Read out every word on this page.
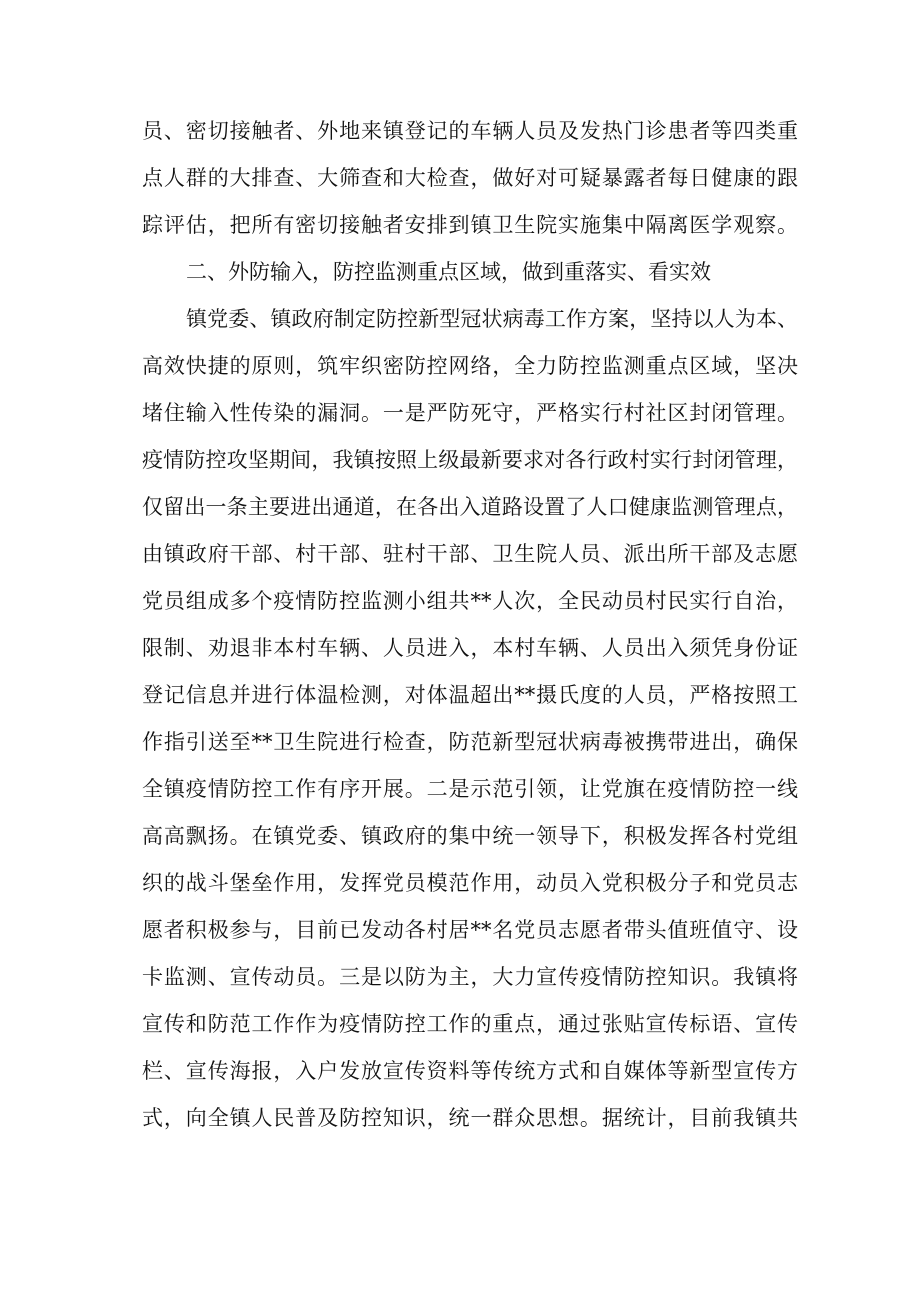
员、密切接触者、外地来镇登记的车辆人员及发热门诊患者等四类重
点人群的大排查、大筛查和大检查，做好对可疑暴露者每日健康的跟
踪评估，把所有密切接触者安排到镇卫生院实施集中隔离医学观察。
二、外防输入，防控监测重点区域，做到重落实、看实效
镇党委、镇政府制定防控新型冠状病毒工作方案，坚持以人为本、
高效快捷的原则，筑牢织密防控网络，全力防控监测重点区域，坚决
堵住输入性传染的漏洞。一是严防死守，严格实行村社区封闭管理。
疫情防控攻坚期间，我镇按照上级最新要求对各行政村实行封闭管理，
仅留出一条主要进出通道，在各出入道路设置了人口健康监测管理点，
由镇政府干部、村干部、驻村干部、卫生院人员、派出所干部及志愿
党员组成多个疫情防控监测小组共**人次，全民动员村民实行自治，
限制、劝退非本村车辆、人员进入，本村车辆、人员出入须凭身份证
登记信息并进行体温检测，对体温超出**摄氏度的人员，严格按照工
作指引送至**卫生院进行检查，防范新型冠状病毒被携带进出，确保
全镇疫情防控工作有序开展。二是示范引领，让党旗在疫情防控一线
高高飘扬。在镇党委、镇政府的集中统一领导下，积极发挥各村党组
织的战斗堡垒作用，发挥党员模范作用，动员入党积极分子和党员志
愿者积极参与，目前已发动各村居**名党员志愿者带头值班值守、设
卡监测、宣传动员。三是以防为主，大力宣传疫情防控知识。我镇将
宣传和防范工作作为疫情防控工作的重点，通过张贴宣传标语、宣传
栏、宣传海报，入户发放宣传资料等传统方式和自媒体等新型宣传方
式，向全镇人民普及防控知识，统一群众思想。据统计，目前我镇共
